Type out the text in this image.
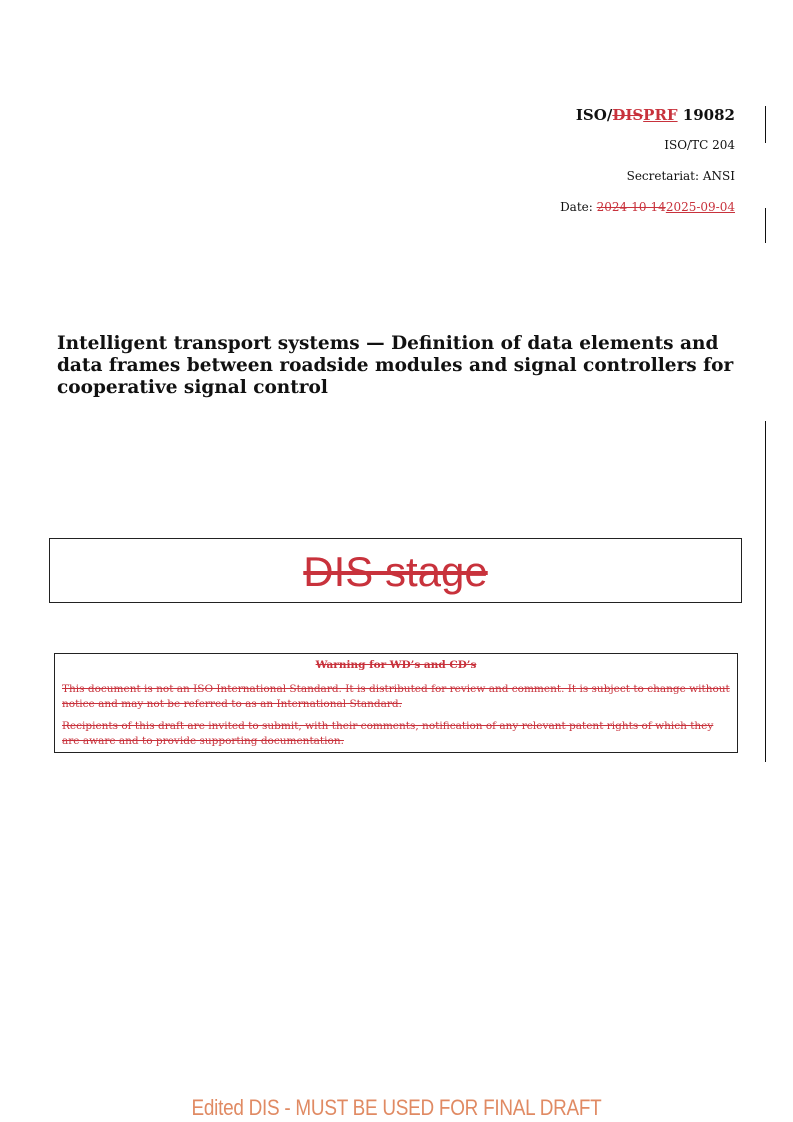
ISO/DISPRF 19082
ISO/TC 204
Secretariat: ANSI
Date: 2024-10-142025-09-04
Intelligent transport systems — Definition of data elements and data frames between roadside modules and signal controllers for cooperative signal control
DIS stage
Warning for WD’s and CD’s
This document is not an ISO International Standard. It is distributed for review and comment. It is subject to change without notice and may not be referred to as an International Standard.
Recipients of this draft are invited to submit, with their comments, notification of any relevant patent rights of which they are aware and to provide supporting documentation.
Edited DIS - MUST BE USED FOR FINAL DRAFT
